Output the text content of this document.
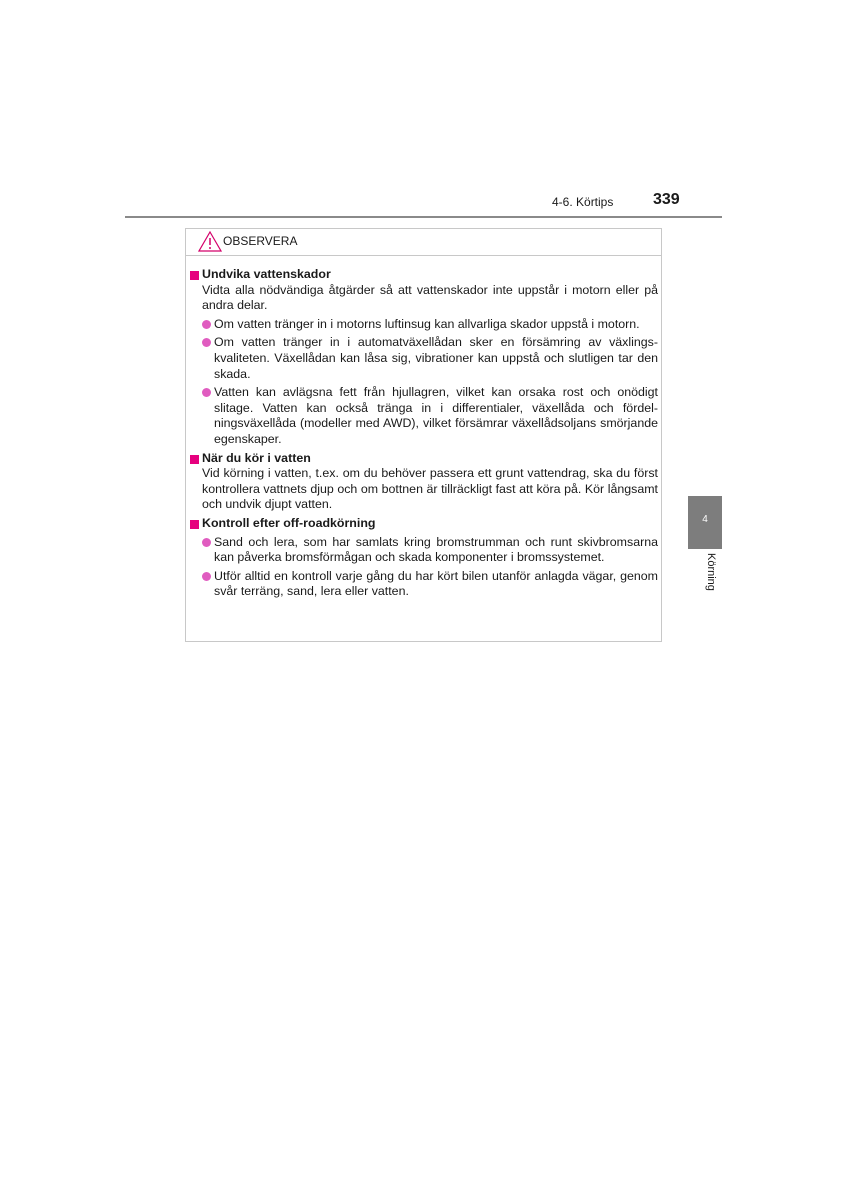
4-6. Körtips 339
OBSERVERA
Undvika vattenskador
Vidta alla nödvändiga åtgärder så att vattenskador inte uppstår i motorn eller på andra delar.
Om vatten tränger in i motorns luftinsug kan allvarliga skador uppstå i motorn.
Om vatten tränger in i automatväxellådan sker en försämring av växlings-kvaliteten. Växellådan kan låsa sig, vibrationer kan uppstå och slutligen tar den skada.
Vatten kan avlägsna fett från hjullagren, vilket kan orsaka rost och onödigt slitage. Vatten kan också tränga in i differentialer, växellåda och fördel-ningsväxellåda (modeller med AWD), vilket försämrar växellådsoljans smörjande egenskaper.
När du kör i vatten
Vid körning i vatten, t.ex. om du behöver passera ett grunt vattendrag, ska du först kontrollera vattnets djup och om bottnen är tillräckligt fast att köra på. Kör långsamt och undvik djupt vatten.
Kontroll efter off-roadkörning
Sand och lera, som har samlats kring bromstrumman och runt skivbromsarna kan påverka bromsförmågan och skada komponenter i bromssystemet.
Utför alltid en kontroll varje gång du har kört bilen utanför anlagda vägar, genom svår terräng, sand, lera eller vatten.
4
Körning
